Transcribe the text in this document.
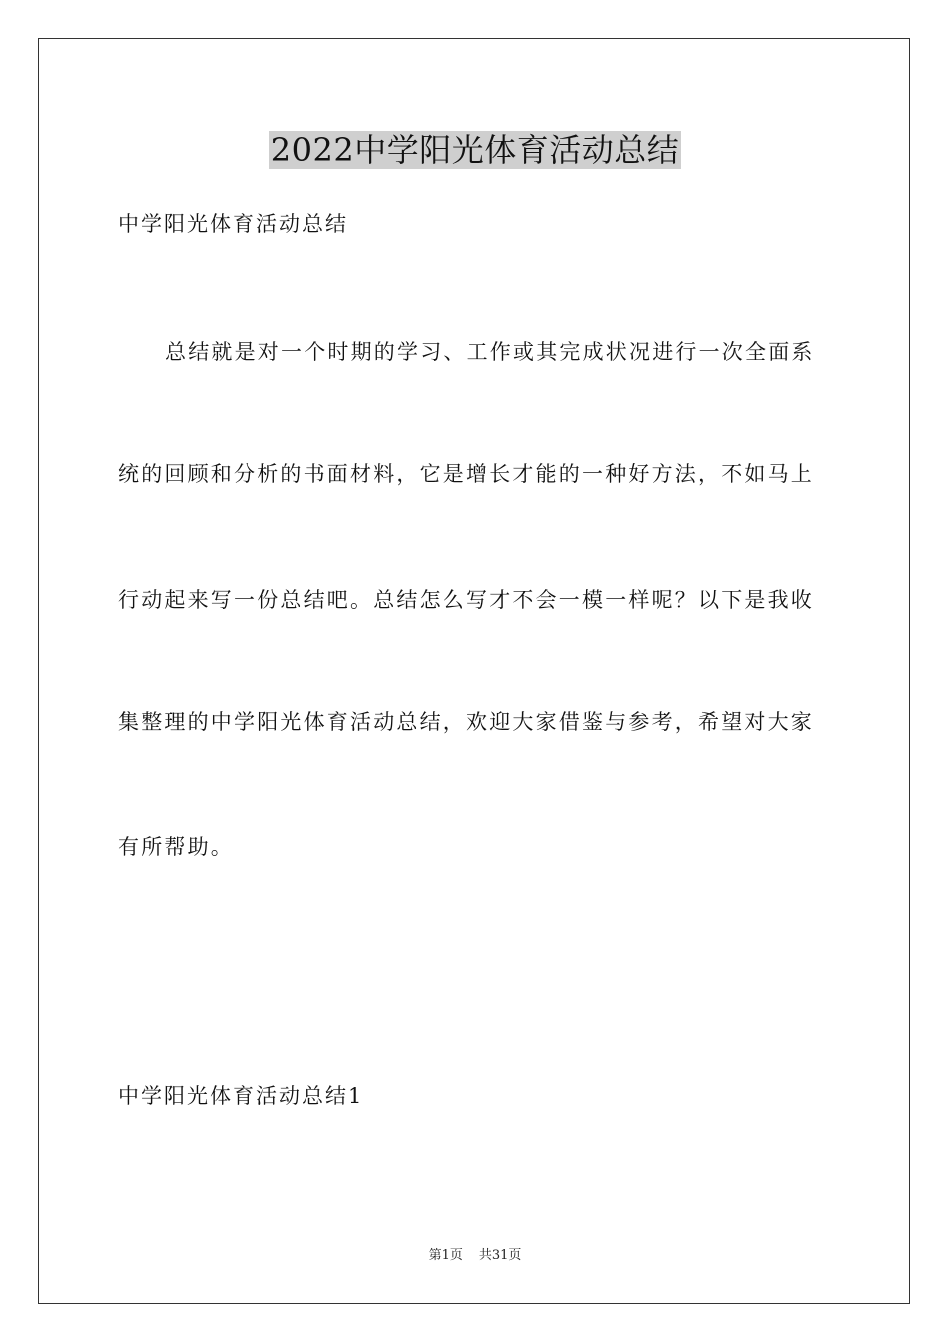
2022中学阳光体育活动总结
中学阳光体育活动总结
总结就是对一个时期的学习、工作或其完成状况进行一次全面系
统的回顾和分析的书面材料，它是增长才能的一种好方法，不如马上
行动起来写一份总结吧。总结怎么写才不会一模一样呢？以下是我收
集整理的中学阳光体育活动总结，欢迎大家借鉴与参考，希望对大家
有所帮助。
中学阳光体育活动总结1
第1页 共31页
